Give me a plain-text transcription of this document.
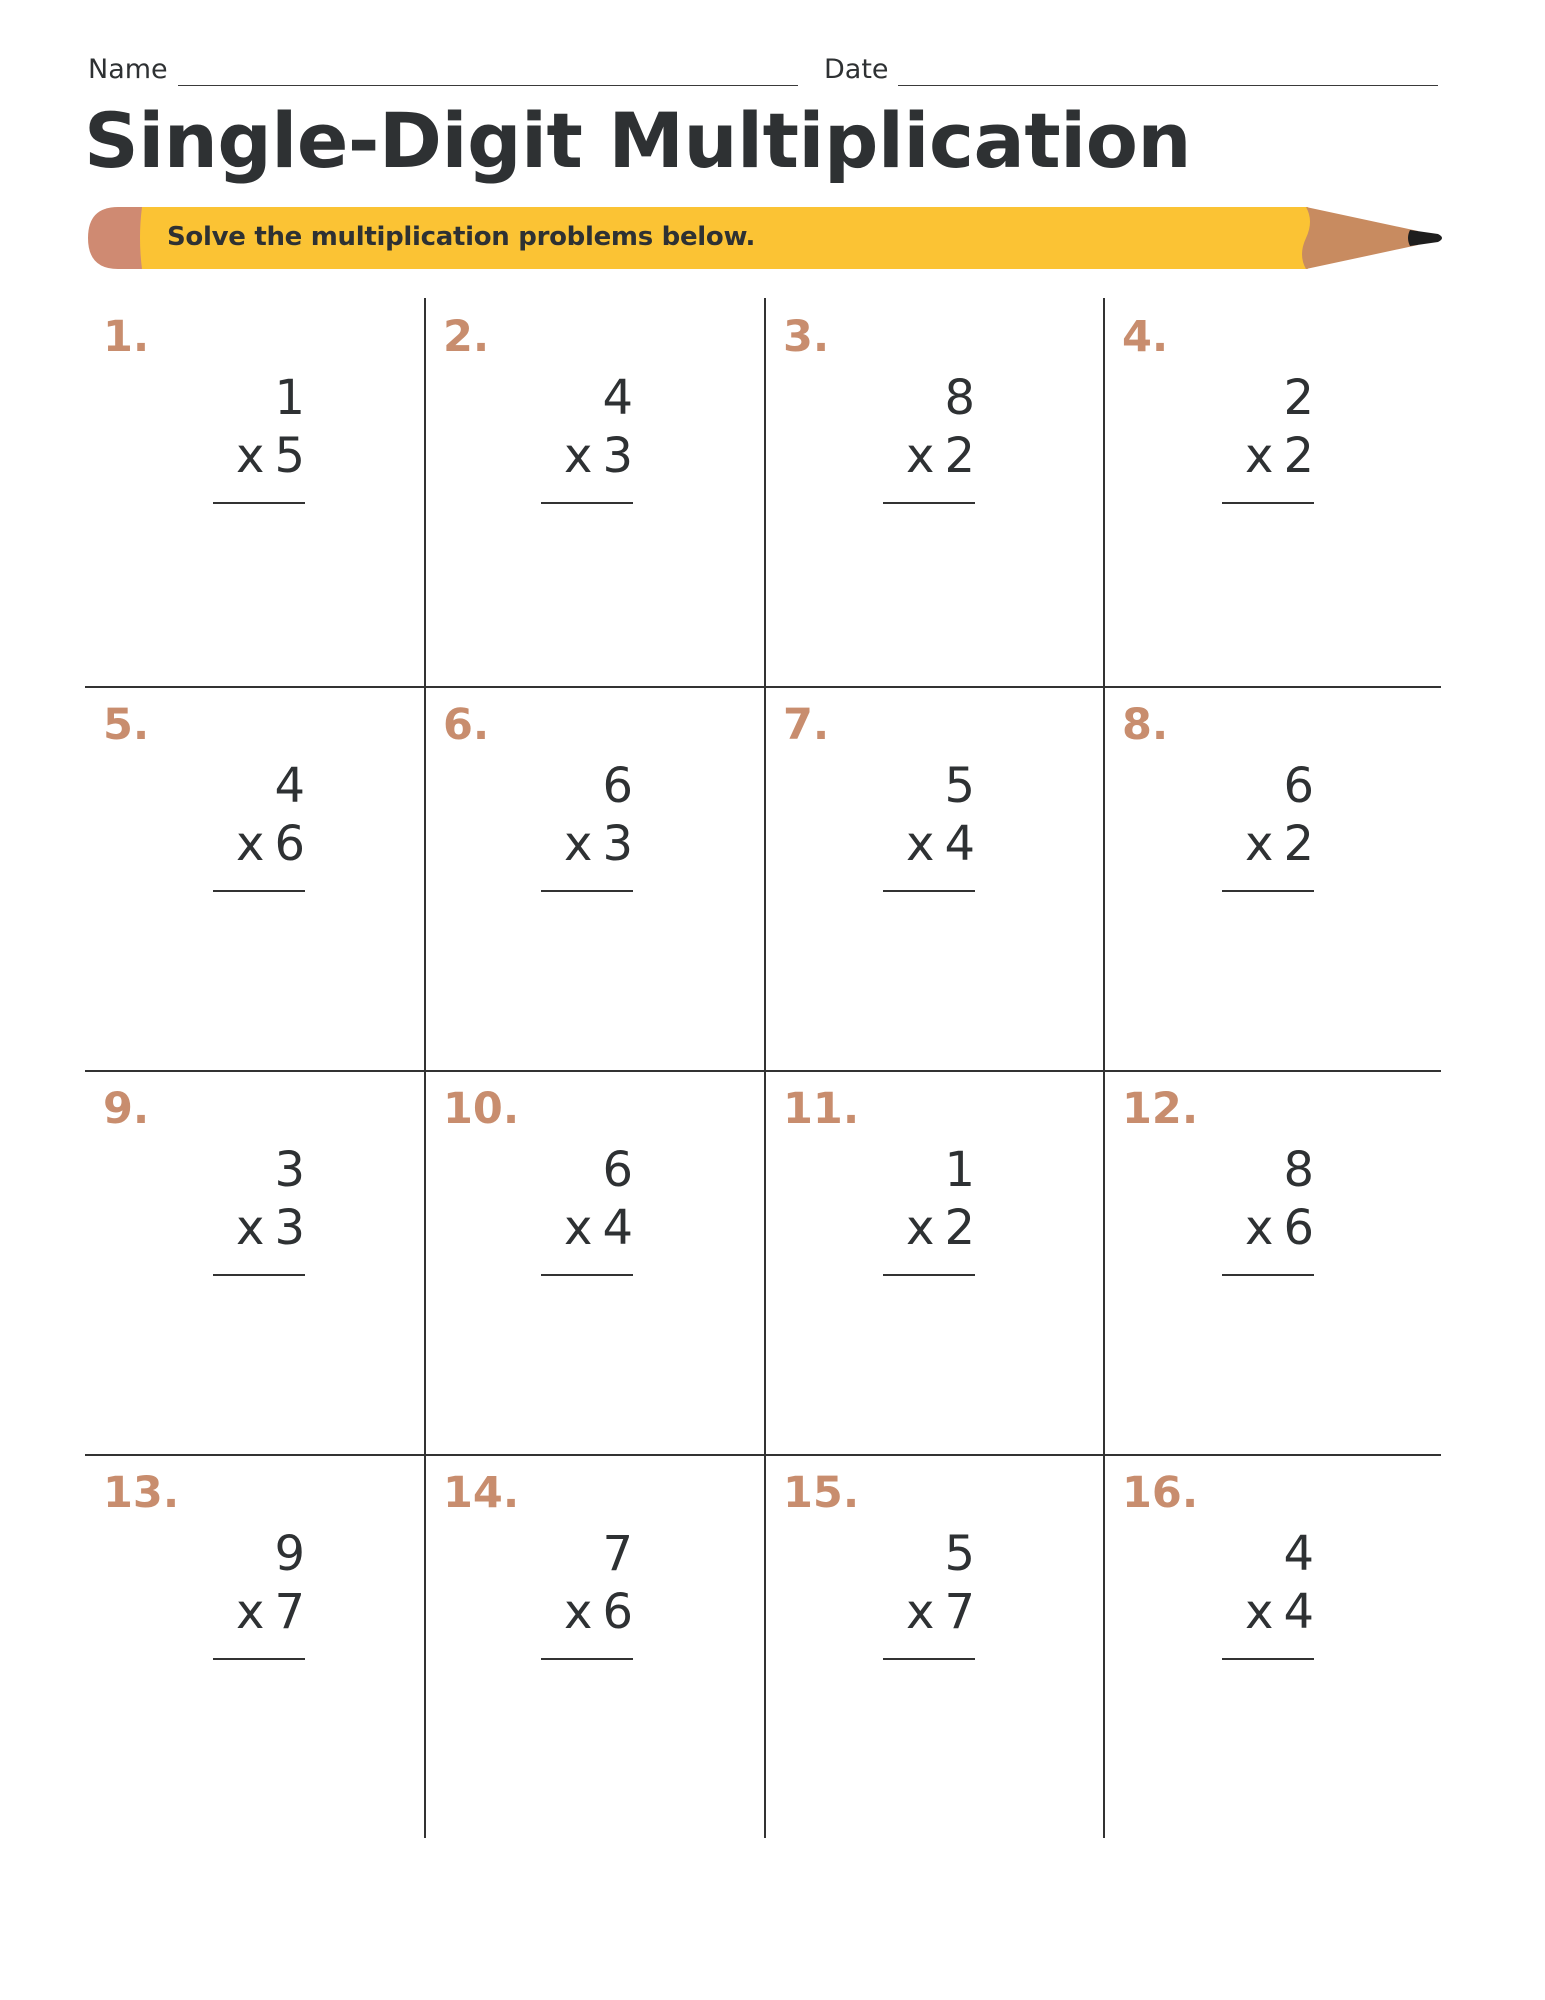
Name	Date
Single-Digit Multiplication
Solve the multiplication problems below.
1.
1
x 5
2.
4
x 3
3.
8
x 2
4.
2
x 2
5.
4
x 6
6.
6
x 3
7.
5
x 4
8.
6
x 2
9.
3
x 3
10.
6
x 4
11.
1
x 2
12.
8
x 6
13.
9
x 7
14.
7
x 6
15.
5
x 7
16.
4
x 4
